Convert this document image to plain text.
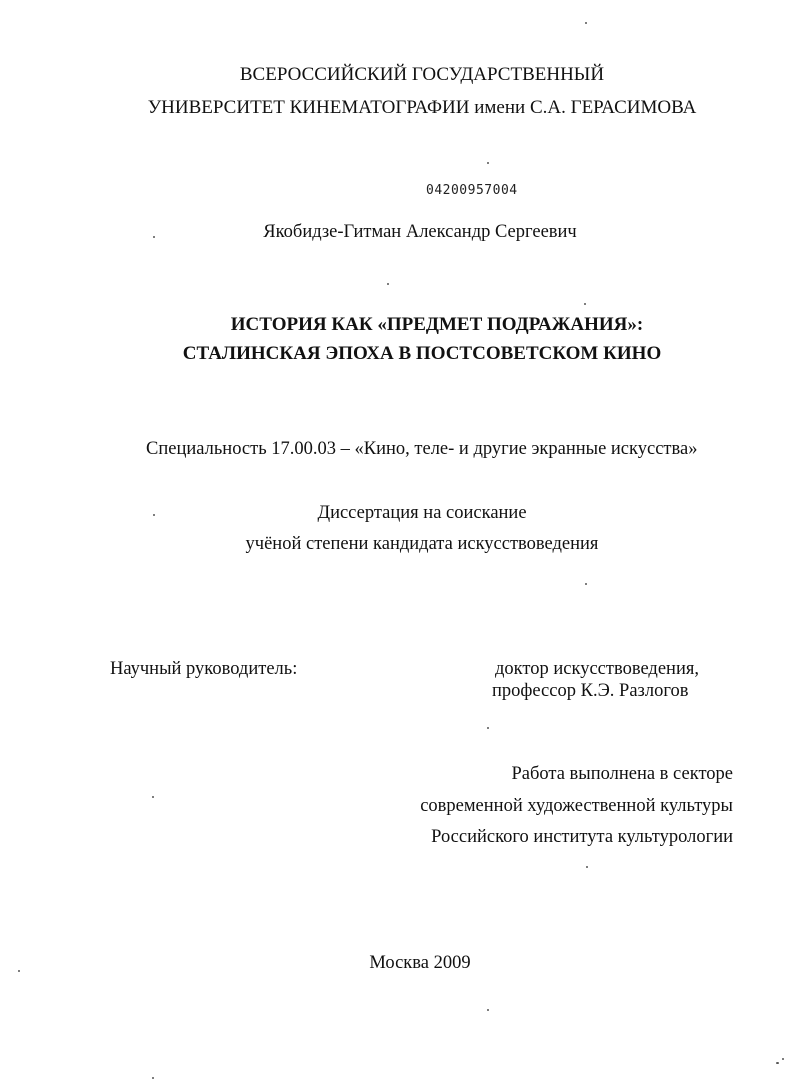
ВСЕРОССИЙСКИЙ ГОСУДАРСТВЕННЫЙ
УНИВЕРСИТЕТ КИНЕМАТОГРАФИИ имени С.А. ГЕРАСИМОВА
04200957004
Якобидзе-Гитман Александр Сергеевич
ИСТОРИЯ КАК «ПРЕДМЕТ ПОДРАЖАНИЯ»:
СТАЛИНСКАЯ ЭПОХА В ПОСТСОВЕТСКОМ КИНО
Специальность 17.00.03 – «Кино, теле- и другие экранные искусства»
Диссертация на соискание
учёной степени кандидата искусствоведения
Научный руководитель:	доктор искусствоведения,
профессор К.Э. Разлогов
Работа выполнена в секторе
современной художественной культуры
Российского института культурологии
Москва 2009
